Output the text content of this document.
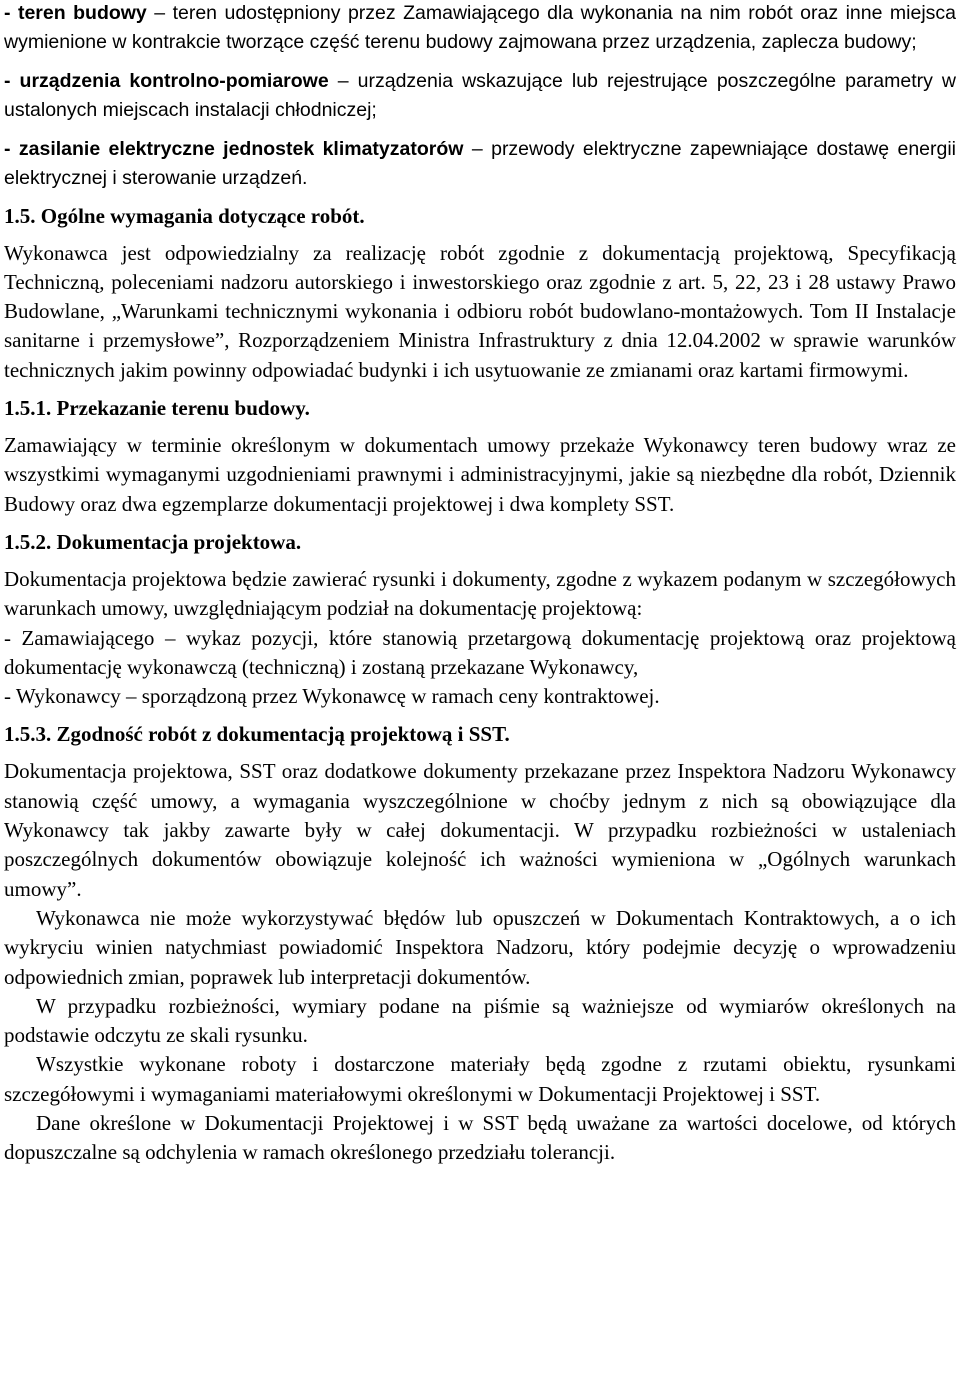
- teren budowy – teren udostępniony przez Zamawiającego dla wykonania na nim robót oraz inne miejsca wymienione w kontrakcie tworzące część terenu budowy zajmowana przez urządzenia, zaplecza budowy;

- urządzenia kontrolno-pomiarowe – urządzenia wskazujące lub rejestrujące poszczególne parametry w ustalonych miejscach instalacji chłodniczej;

- zasilanie elektryczne jednostek klimatyzatorów – przewody elektryczne zapewniające dostawę energii elektrycznej i sterowanie urządzeń.

1.5. Ogólne wymagania dotyczące robót.

Wykonawca jest odpowiedzialny za realizację robót zgodnie z dokumentacją projektową, Specyfikacją Techniczną, poleceniami nadzoru autorskiego i inwestorskiego oraz zgodnie z art. 5, 22, 23 i 28 ustawy Prawo Budowlane, „Warunkami technicznymi wykonania i odbioru robót budowlano-montażowych. Tom II Instalacje sanitarne i przemysłowe”, Rozporządzeniem Ministra Infrastruktury z dnia 12.04.2002 w sprawie warunków technicznych jakim powinny odpowiadać budynki i ich usytuowanie ze zmianami oraz kartami firmowymi.

1.5.1. Przekazanie terenu budowy.

Zamawiający w terminie określonym w dokumentach umowy przekaże Wykonawcy teren budowy wraz ze wszystkimi wymaganymi uzgodnieniami prawnymi i administracyjnymi, jakie są niezbędne dla robót, Dziennik Budowy oraz dwa egzemplarze dokumentacji projektowej i dwa komplety SST.

1.5.2. Dokumentacja projektowa.

Dokumentacja projektowa będzie zawierać rysunki i dokumenty, zgodne z wykazem podanym w szczegółowych warunkach umowy, uwzględniającym podział na dokumentację projektową:

- Zamawiającego – wykaz pozycji, które stanowią przetargową dokumentację projektową oraz projektową dokumentację wykonawczą (techniczną) i zostaną przekazane Wykonawcy,

- Wykonawcy – sporządzoną przez Wykonawcę w ramach ceny kontraktowej.

1.5.3. Zgodność robót z dokumentacją projektową i SST.

Dokumentacja projektowa, SST oraz dodatkowe dokumenty przekazane przez Inspektora Nadzoru Wykonawcy stanowią część umowy, a wymagania wyszczególnione w choćby jednym z nich są obowiązujące dla Wykonawcy tak jakby zawarte były w całej dokumentacji. W przypadku rozbieżności w ustaleniach poszczególnych dokumentów obowiązuje kolejność ich ważności wymieniona w „Ogólnych warunkach umowy”.

Wykonawca nie może wykorzystywać błędów lub opuszczeń w Dokumentach Kontraktowych, a o ich wykryciu winien natychmiast powiadomić Inspektora Nadzoru, który podejmie decyzję o wprowadzeniu odpowiednich zmian, poprawek lub interpretacji dokumentów.

W przypadku rozbieżności, wymiary podane na piśmie są ważniejsze od wymiarów określonych na podstawie odczytu ze skali rysunku.

Wszystkie wykonane roboty i dostarczone materiały będą zgodne z rzutami obiektu, rysunkami szczegółowymi i wymaganiami materiałowymi określonymi w Dokumentacji Projektowej i SST.

Dane określone w Dokumentacji Projektowej i w SST będą uważane za wartości docelowe, od których dopuszczalne są odchylenia w ramach określonego przedziału tolerancji.
